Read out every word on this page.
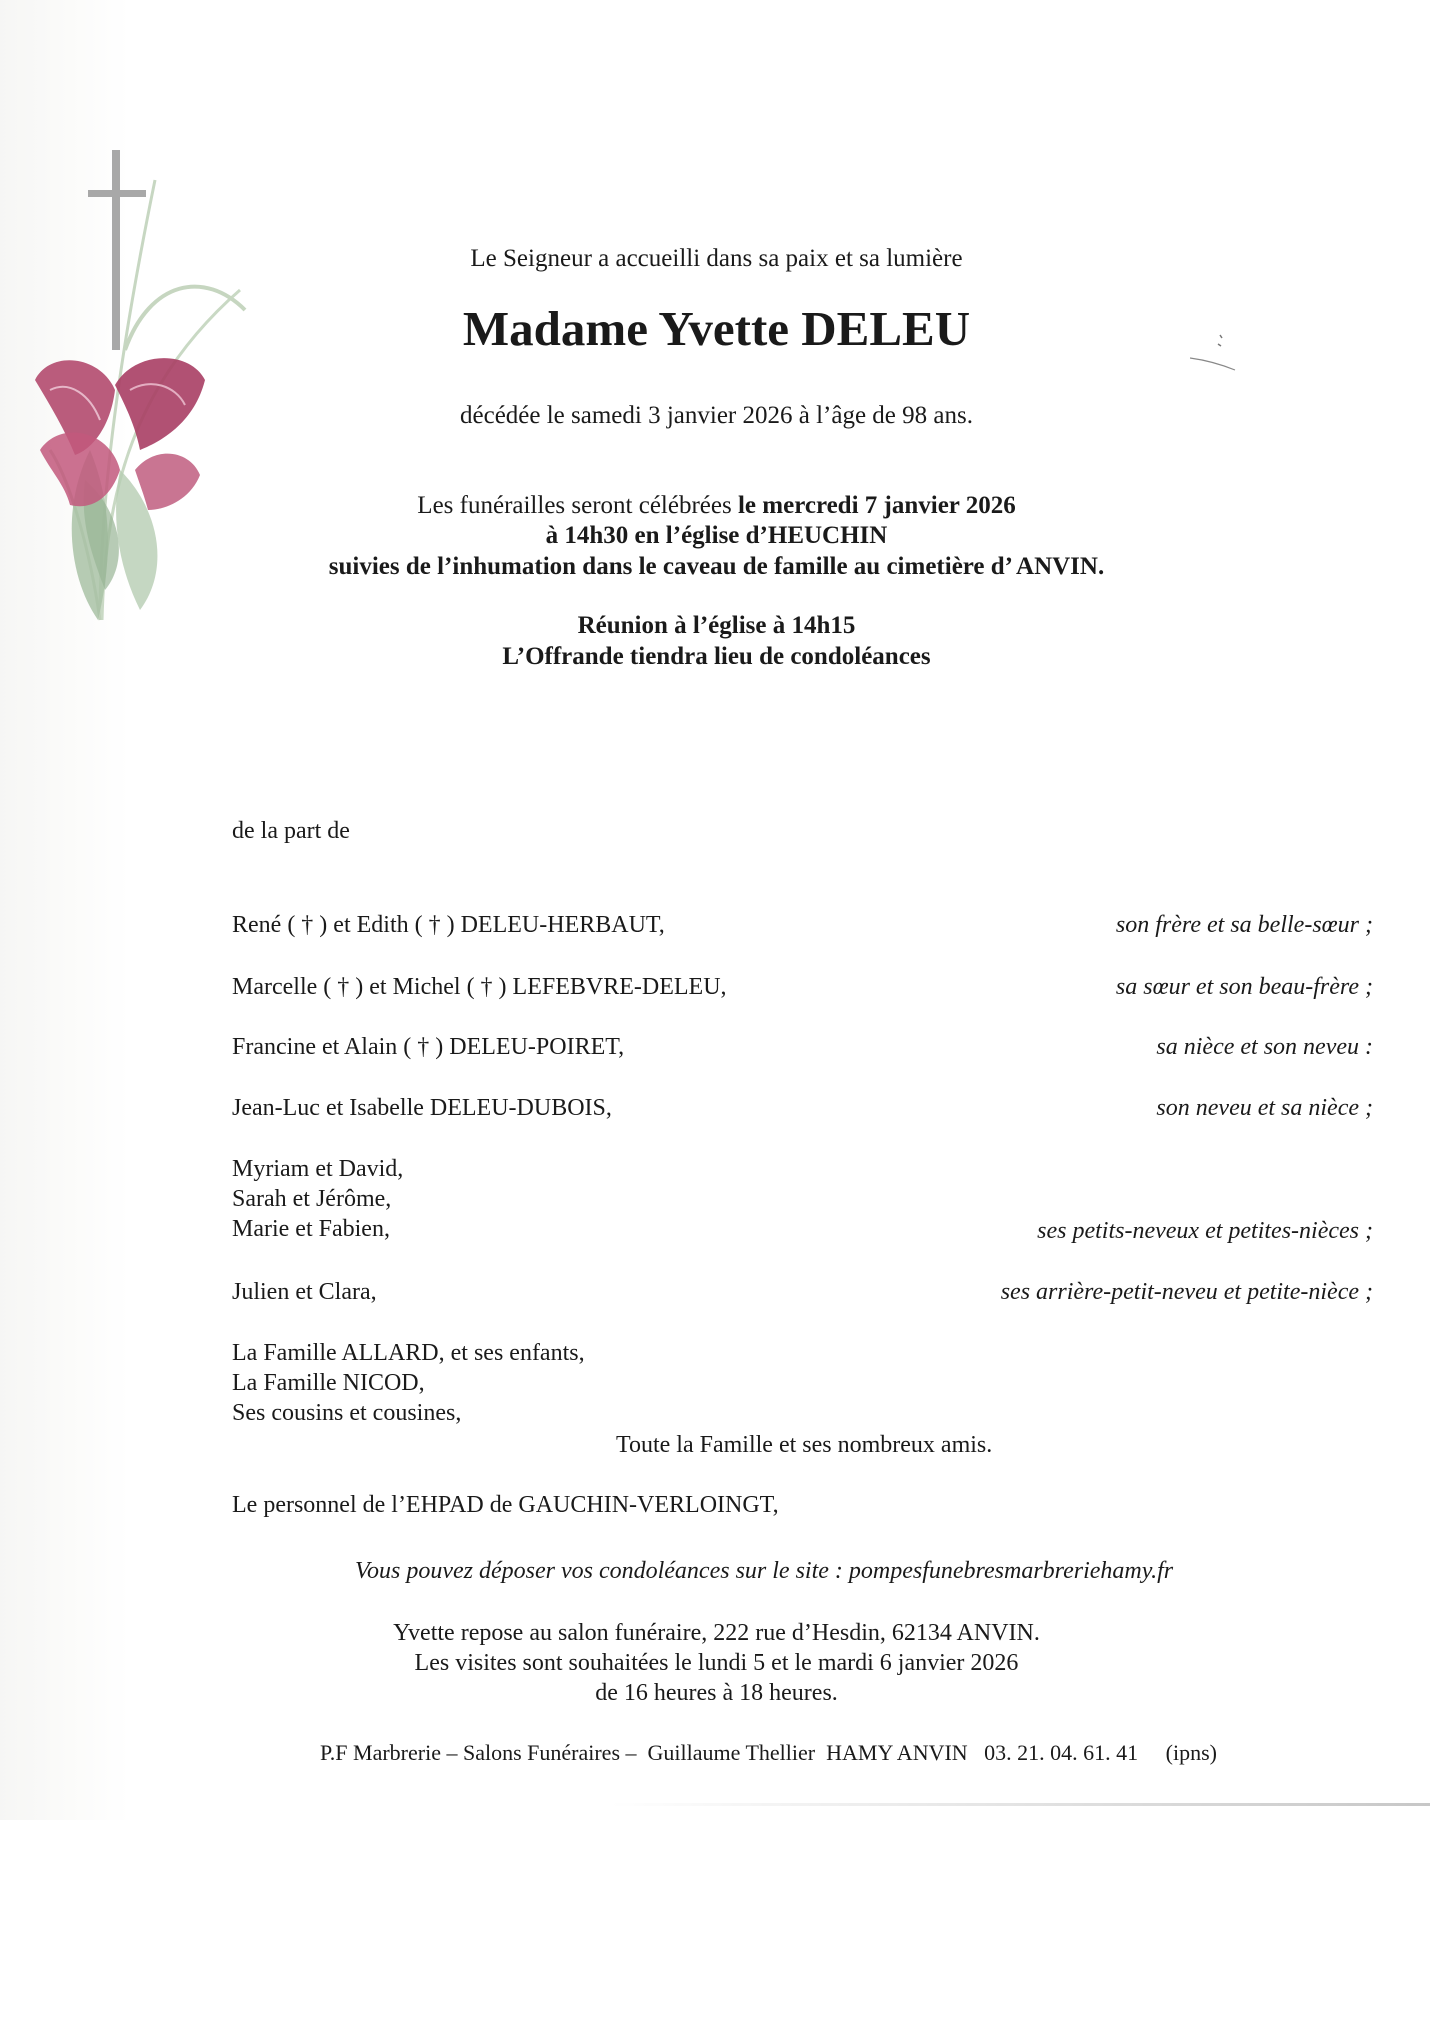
Le Seigneur a accueilli dans sa paix et sa lumière
Madame Yvette DELEU
décédée le samedi 3 janvier 2026 à l’âge de 98 ans.
Les funérailles seront célébrées le mercredi 7 janvier 2026
à 14h30 en l’église d’HEUCHIN
suivies de l’inhumation dans le caveau de famille au cimetière d’ ANVIN.
Réunion à l’église à 14h15
L’Offrande tiendra lieu de condoléances
de la part de
René ( † ) et Edith ( † ) DELEU-HERBAUT,	son frère et sa belle-sœur ;
Marcelle ( † ) et Michel ( † ) LEFEBVRE-DELEU,	sa sœur et son beau-frère ;
Francine et Alain ( † ) DELEU-POIRET,	sa nièce et son neveu :
Jean-Luc et Isabelle DELEU-DUBOIS,	son neveu et sa nièce ;
Myriam et David,
Sarah et Jérôme,
Marie et Fabien,	ses petits-neveux et petites-nièces ;
Julien et Clara,	ses arrière-petit-neveu et petite-nièce ;
La Famille ALLARD, et ses enfants,
La Famille NICOD,
Ses cousins et cousines,
Toute la Famille et ses nombreux amis.
Le personnel de l’EHPAD de GAUCHIN-VERLOINGT,
Vous pouvez déposer vos condoléances sur le site : pompesfunebresmarbreriehamy.fr
Yvette repose au salon funéraire, 222 rue d’Hesdin, 62134 ANVIN.
Les visites sont souhaitées le lundi 5 et le mardi 6 janvier 2026
de 16 heures à 18 heures.
P.F Marbrerie – Salons Funéraires –  Guillaume Thellier  HAMY ANVIN   03. 21. 04. 61. 41     (ipns)
